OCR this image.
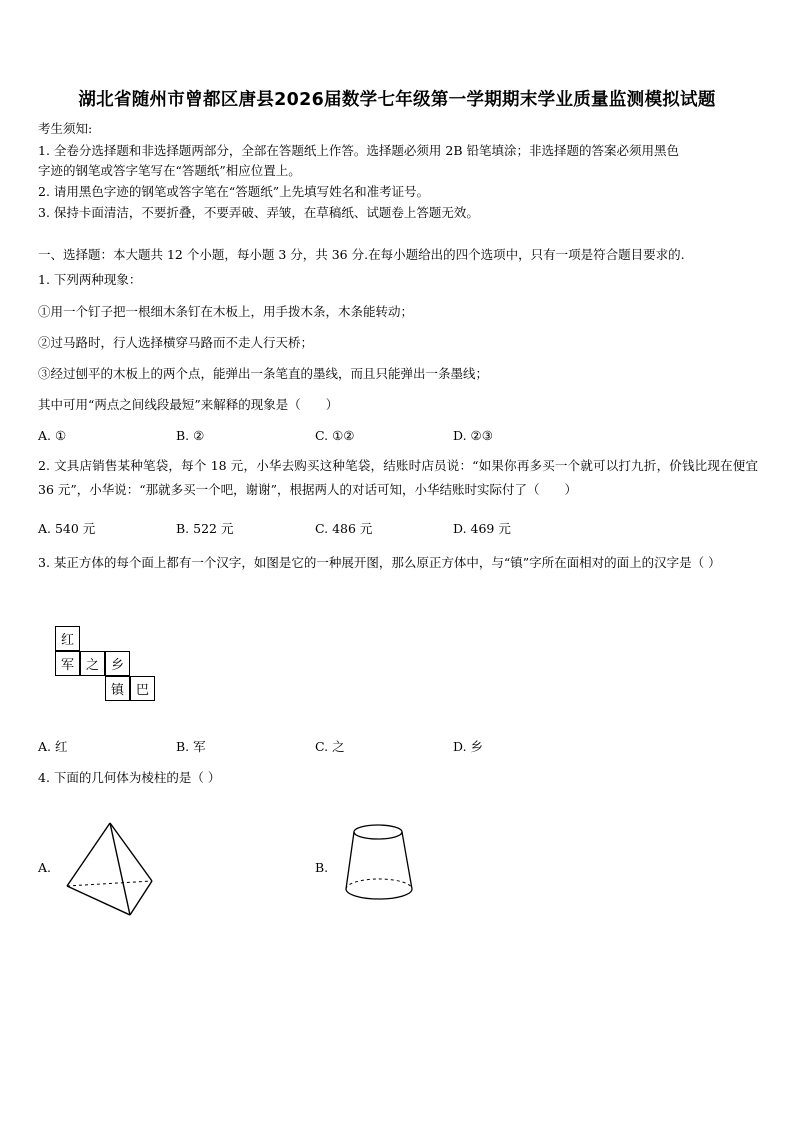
湖北省随州市曾都区唐县2026届数学七年级第一学期期末学业质量监测模拟试题
考生须知:
1. 全卷分选择题和非选择题两部分，全部在答题纸上作答。选择题必须用 2B 铅笔填涂；非选择题的答案必须用黑色
字迹的钢笔或答字笔写在“答题纸”相应位置上。
2. 请用黑色字迹的钢笔或答字笔在“答题纸”上先填写姓名和准考证号。
3. 保持卡面清洁，不要折叠，不要弄破、弄皱，在草稿纸、试题卷上答题无效。
一、选择题：本大题共 12 个小题，每小题 3 分，共 36 分.在每小题给出的四个选项中，只有一项是符合题目要求的.
1. 下列两种现象：
①用一个钉子把一根细木条钉在木板上，用手拨木条，木条能转动；
②过马路时，行人选择横穿马路而不走人行天桥；
③经过刨平的木板上的两个点，能弹出一条笔直的墨线，而且只能弹出一条墨线；
其中可用“两点之间线段最短”来解释的现象是（　　）
A. ①	B. ②	C. ①②	D. ②③
2. 文具店销售某种笔袋，每个 18 元，小华去购买这种笔袋，结账时店员说：“如果你再多买一个就可以打九折，价钱比现在便宜 36 元”，小华说：“那就多买一个吧，谢谢”，根据两人的对话可知，小华结账时实际付了（　　）
A. 540 元	B. 522 元	C. 486 元	D. 469 元
3. 某正方体的每个面上都有一个汉字，如图是它的一种展开图，那么原正方体中，与“镇”字所在面相对的面上的汉字是（ ）
红
军 之 乡
镇 巴
A. 红	B. 军	C. 之	D. 乡
4. 下面的几何体为棱柱的是（ ）
A.	B.
